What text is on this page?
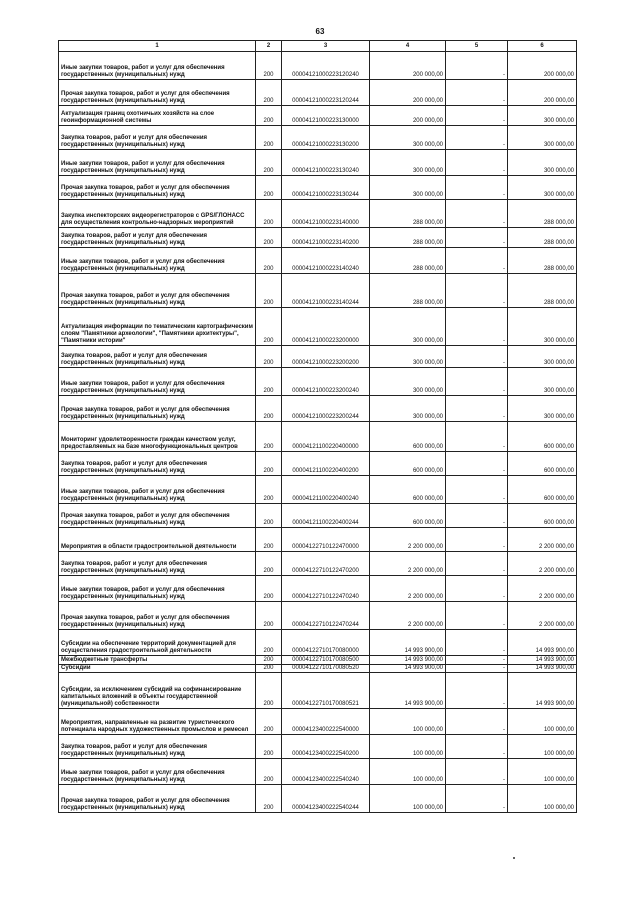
63
1	2	3	4	5	6
Иные закупки товаров, работ и услуг для обеспечения государственных (муниципальных) нужд	200	00004121000223120240	200 000,00	-	200 000,00
Прочая закупка товаров, работ и услуг для обеспечения государственных (муниципальных) нужд	200	00004121000223120244	200 000,00	-	200 000,00
Актуализация границ охотничьих хозяйств на слое геоинформационной системы	200	00004121000223130000	200 000,00	-	300 000,00
Закупка товаров, работ и услуг для обеспечения государственных (муниципальных) нужд	200	00004121000223130200	300 000,00	-	300 000,00
Иные закупки товаров, работ и услуг для обеспечения государственных (муниципальных) нужд	200	00004121000223130240	300 000,00	-	300 000,00
Прочая закупка товаров, работ и услуг для обеспечения государственных (муниципальных) нужд	200	00004121000223130244	300 000,00	-	300 000,00
Закупка инспекторских видеорегистраторов с GPS/ГЛОНАСС для осуществления контрольно-надзорных мероприятий	200	00004121000223140000	288 000,00	-	288 000,00
Закупка товаров, работ и услуг для обеспечения государственных (муниципальных) нужд	200	00004121000223140200	288 000,00	-	288 000,00
Иные закупки товаров, работ и услуг для обеспечения государственных (муниципальных) нужд	200	00004121000223140240	288 000,00	-	288 000,00
Прочая закупка товаров, работ и услуг для обеспечения государственных (муниципальных) нужд	200	00004121000223140244	288 000,00	-	288 000,00
Актуализация информации по тематическим картографическим слоям "Памятники археологии", "Памятники архитектуры", "Памятники истории"	200	00004121000223200000	300 000,00	-	300 000,00
Закупка товаров, работ и услуг для обеспечения государственных (муниципальных) нужд	200	00004121000223200200	300 000,00	-	300 000,00
Иные закупки товаров, работ и услуг для обеспечения государственных (муниципальных) нужд	200	00004121000223200240	300 000,00	-	300 000,00
Прочая закупка товаров, работ и услуг для обеспечения государственных (муниципальных) нужд	200	00004121000223200244	300 000,00	-	300 000,00
Мониторинг удовлетворенности граждан качеством услуг, предоставляемых на базе многофункциональных центров	200	00004121100220400000	600 000,00	-	600 000,00
Закупка товаров, работ и услуг для обеспечения государственных (муниципальных) нужд	200	00004121100220400200	600 000,00	-	600 000,00
Иные закупки товаров, работ и услуг для обеспечения государственных (муниципальных) нужд	200	00004121100220400240	600 000,00	-	600 000,00
Прочая закупка товаров, работ и услуг для обеспечения государственных (муниципальных) нужд	200	00004121100220400244	600 000,00	-	600 000,00
Мероприятия в области градостроительной деятельности	200	00004122710122470000	2 200 000,00	-	2 200 000,00
Закупка товаров, работ и услуг для обеспечения государственных (муниципальных) нужд	200	00004122710122470200	2 200 000,00	-	2 200 000,00
Иные закупки товаров, работ и услуг для обеспечения государственных (муниципальных) нужд	200	00004122710122470240	2 200 000,00	-	2 200 000,00
Прочая закупка товаров, работ и услуг для обеспечения государственных (муниципальных) нужд	200	00004122710122470244	2 200 000,00	-	2 200 000,00
Субсидии на обеспечение территорий документацией для осуществления градостроительной деятельности	200	00004122710170080000	14 993 900,00	-	14 993 900,00
Межбюджетные трансферты	200	00004122710170080500	14 993 900,00	-	14 993 900,00
Субсидии	200	00004122710170080520	14 993 900,00	-	14 993 900,00
Субсидии, за исключением субсидий на софинансирование капитальных вложений в объекты государственной (муниципальной) собственности	200	00004122710170080521	14 993 900,00	-	14 993 900,00
Мероприятия, направленные на развитие туристического потенциала народных художественных промыслов и ремесел	200	00004123400222540000	100 000,00	-	100 000,00
Закупка товаров, работ и услуг для обеспечения государственных (муниципальных) нужд	200	00004123400222540200	100 000,00	-	100 000,00
Иные закупки товаров, работ и услуг для обеспечения государственных (муниципальных) нужд	200	00004123400222540240	100 000,00	-	100 000,00
Прочая закупка товаров, работ и услуг для обеспечения государственных (муниципальных) нужд	200	00004123400222540244	100 000,00	-	100 000,00
